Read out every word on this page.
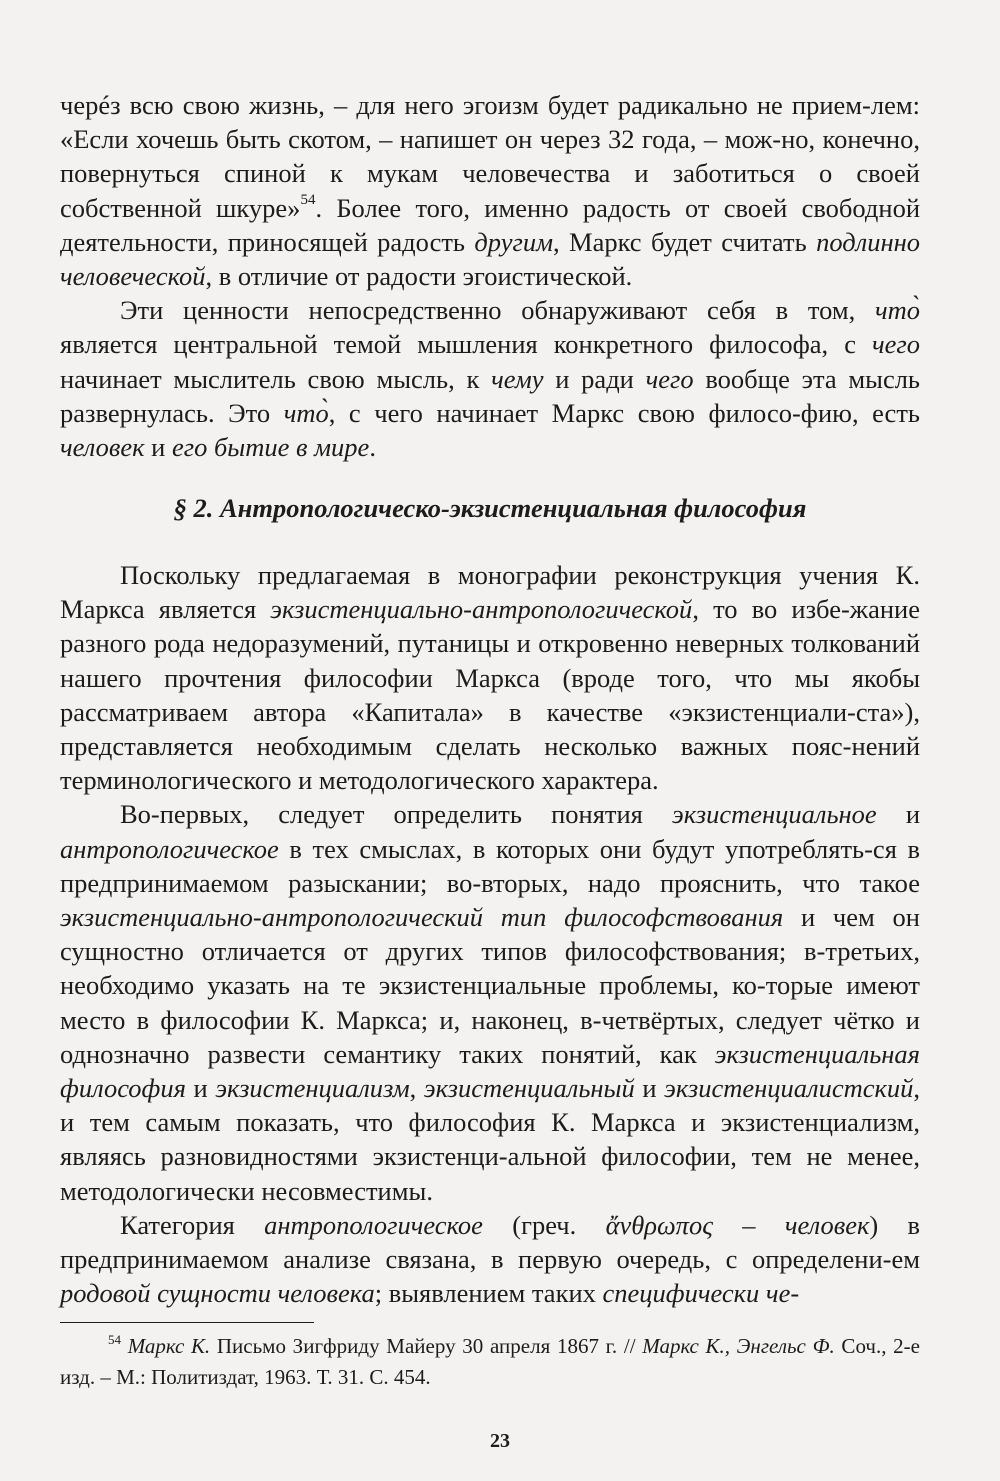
черéз всю свою жизнь, – для него эгоизм будет радикально не прием-лем: «Если хочешь быть скотом, – напишет он через 32 года, – мож-но, конечно, повернуться спиной к мукам человечества и заботиться о своей собственной шкуре»$^{54}$. Более того, именно радость от своей свободной деятельности, приносящей радость другим, Маркс будет считать подлинно человеческой, в отличие от радости эгоистической.

Эти ценности непосредственно обнаруживают себя в том, что̀ является центральной темой мышления конкретного философа, с чего начинает мыслитель свою мысль, к чему и ради чего вообще эта мысль развернулась. Это что̀, с чего начинает Маркс свою филосо-фию, есть человек и его бытие в мире.

§ 2. Антропологическо-экзистенциальная философия

Поскольку предлагаемая в монографии реконструкция учения К. Маркса является экзистенциально-антропологической, то во избе-жание разного рода недоразумений, путаницы и откровенно неверных толкований нашего прочтения философии Маркса (вроде того, что мы якобы рассматриваем автора «Капитала» в качестве «экзистенциали-ста»), представляется необходимым сделать несколько важных пояс-нений терминологического и методологического характера.

Во-первых, следует определить понятия экзистенциальное и антропологическое в тех смыслах, в которых они будут употреблять-ся в предпринимаемом разыскании; во-вторых, надо прояснить, что такое экзистенциально-антропологический тип философствования и чем он сущностно отличается от других типов философствования; в-третьих, необходимо указать на те экзистенциальные проблемы, ко-торые имеют место в философии К. Маркса; и, наконец, в-четвёртых, следует чётко и однозначно развести семантику таких понятий, как экзистенциальная философия и экзистенциализм, экзистенциальный и экзистенциалистский, и тем самым показать, что философия К. Маркса и экзистенциализм, являясь разновидностями экзистенци-альной философии, тем не менее, методологически несовместимы.

Категория антропологическое (греч. ἄνθρωπος – человек) в предпринимаемом анализе связана, в первую очередь, с определени-ем родовой сущности человека; выявлением таких специфически че-

$^{54}$ Маркс К. Письмо Зигфриду Майеру 30 апреля 1867 г. // Маркс К., Энгельс Ф. Соч., 2-е изд. – М.: Политиздат, 1963. Т. 31. С. 454.
23
